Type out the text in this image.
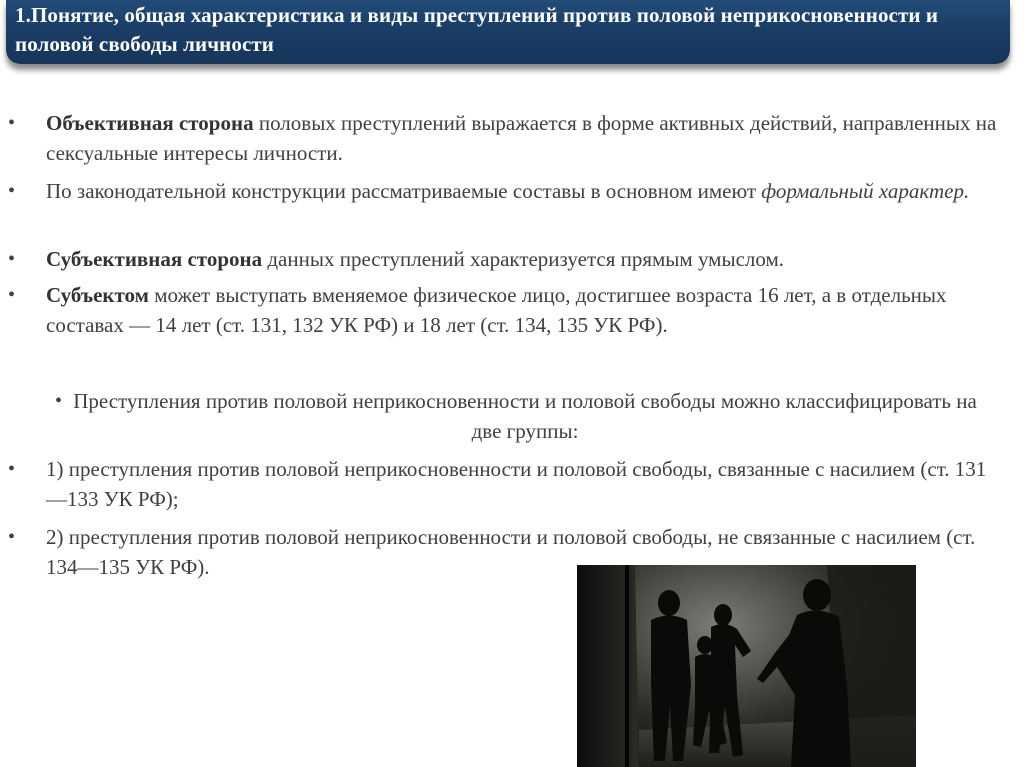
1.Понятие, общая характеристика и виды преступлений против половой неприкосновенности и половой свободы личности
• Объективная сторона половых преступлений выражается в форме активных действий, направленных на сексуальные интересы личности.
• По законодательной конструкции рассматриваемые составы в основном имеют формальный характер.
• Субъективная сторона данных преступлений характеризуется прямым умыслом.
• Субъектом может выступать вменяемое физическое лицо, достигшее возраста 16 лет, а в отдельных составах — 14 лет (ст. 131, 132 УК РФ) и 18 лет (ст. 134, 135 УК РФ).
• Преступления против половой неприкосновенности и половой свободы можно классифицировать на две группы:
• 1) преступления против половой неприкосновенности и половой свободы, связанные с насилием (ст. 131—133 УК РФ);
• 2) преступления против половой неприкосновенности и половой свободы, не связанные с насилием (ст. 134—135 УК РФ).
